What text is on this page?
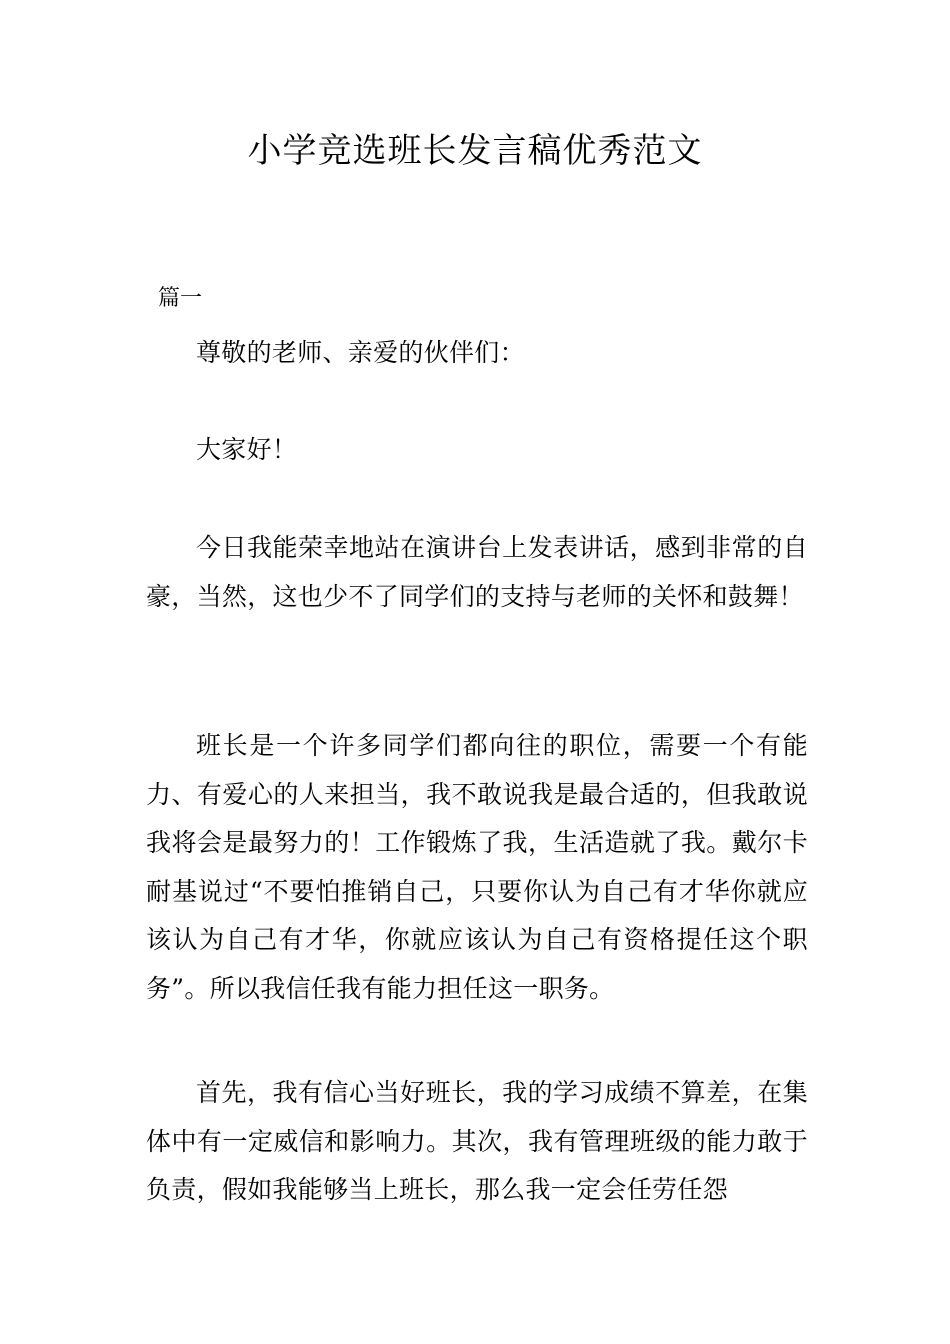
小学竞选班长发言稿优秀范文

篇一

尊敬的老师、亲爱的伙伴们：

大家好！

今日我能荣幸地站在演讲台上发表讲话，感到非常的自豪，当然，这也少不了同学们的支持与老师的关怀和鼓舞！

班长是一个许多同学们都向往的职位，需要一个有能力、有爱心的人来担当，我不敢说我是最合适的，但我敢说我将会是最努力的！工作锻炼了我，生活造就了我。戴尔卡耐基说过“不要怕推销自己，只要你认为自己有才华你就应该认为自己有才华，你就应该认为自己有资格提任这个职务”。所以我信任我有能力担任这一职务。

首先，我有信心当好班长，我的学习成绩不算差，在集体中有一定威信和影响力。其次，我有管理班级的能力敢于负责，假如我能够当上班长，那么我一定会任劳任怨
